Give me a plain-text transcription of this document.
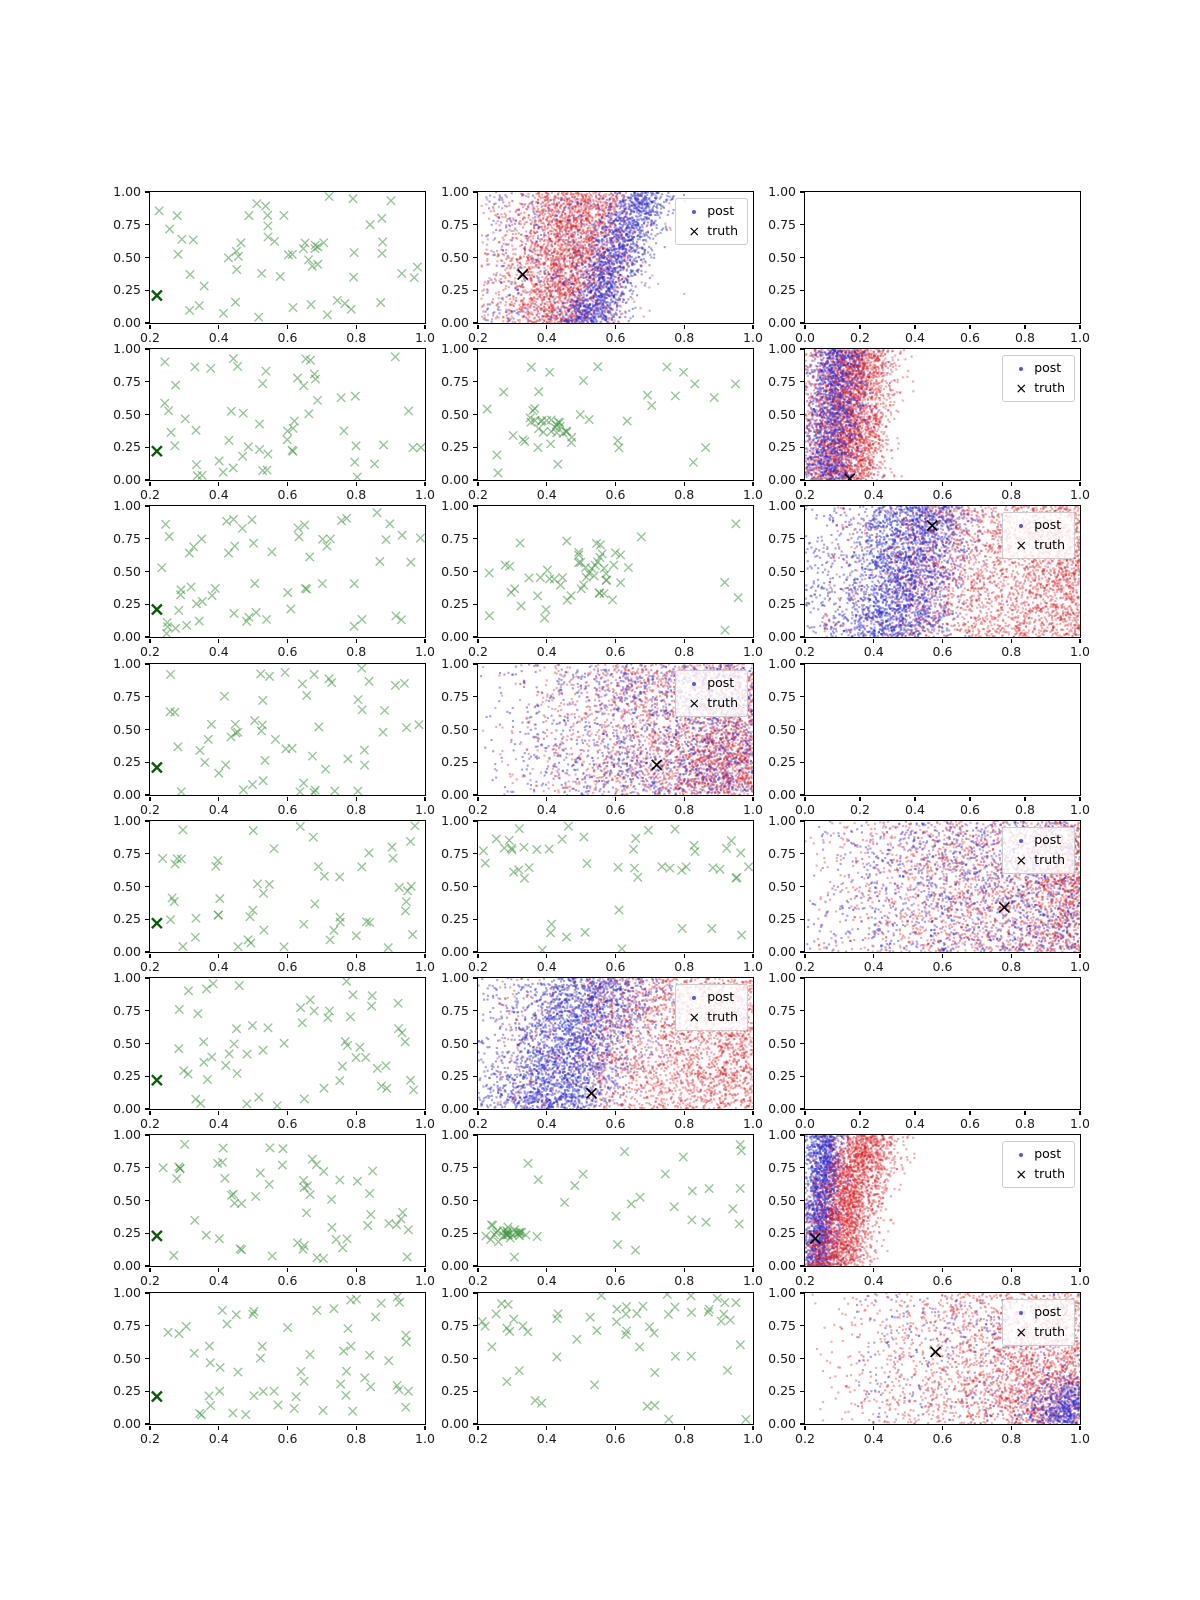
0.2	0.4	0.6	0.8	1.0
0.00
0.25
0.50
0.75
1.00
0.2	0.4	0.6	0.8	1.0
0.00
0.25
0.50
0.75
1.00
post
× truth
0.0	0.2	0.4	0.6	0.8	1.0
0.00
0.25
0.50
0.75
1.00
0.2	0.4	0.6	0.8	1.0
0.00
0.25
0.50
0.75
1.00
0.2	0.4	0.6	0.8	1.0
0.00
0.25
0.50
0.75
1.00
0.2	0.4	0.6	0.8	1.0
0.00
0.25
0.50
0.75
1.00
post
× truth
0.2	0.4	0.6	0.8	1.0
0.00
0.25
0.50
0.75
1.00
0.2	0.4	0.6	0.8	1.0
0.00
0.25
0.50
0.75
1.00
0.2	0.4	0.6	0.8	1.0
0.00
0.25
0.50
0.75
1.00
post
× truth
0.2	0.4	0.6	0.8	1.0
0.00
0.25
0.50
0.75
1.00
0.2	0.4	0.6	0.8	1.0
0.00
0.25
0.50
0.75
1.00
post
× truth
0.0	0.2	0.4	0.6	0.8	1.0
0.00
0.25
0.50
0.75
1.00
0.2	0.4	0.6	0.8	1.0
0.00
0.25
0.50
0.75
1.00
0.2	0.4	0.6	0.8	1.0
0.00
0.25
0.50
0.75
1.00
0.2	0.4	0.6	0.8	1.0
0.00
0.25
0.50
0.75
1.00
post
× truth
0.2	0.4	0.6	0.8	1.0
0.00
0.25
0.50
0.75
1.00
0.2	0.4	0.6	0.8	1.0
0.00
0.25
0.50
0.75
1.00
post
× truth
0.0	0.2	0.4	0.6	0.8	1.0
0.00
0.25
0.50
0.75
1.00
0.2	0.4	0.6	0.8	1.0
0.00
0.25
0.50
0.75
1.00
0.2	0.4	0.6	0.8	1.0
0.00
0.25
0.50
0.75
1.00
0.2	0.4	0.6	0.8	1.0
0.00
0.25
0.50
0.75
1.00
post
× truth
0.2	0.4	0.6	0.8	1.0
0.00
0.25
0.50
0.75
1.00
0.2	0.4	0.6	0.8	1.0
0.00
0.25
0.50
0.75
1.00
0.2	0.4	0.6	0.8	1.0
0.00
0.25
0.50
0.75
1.00
post
× truth
